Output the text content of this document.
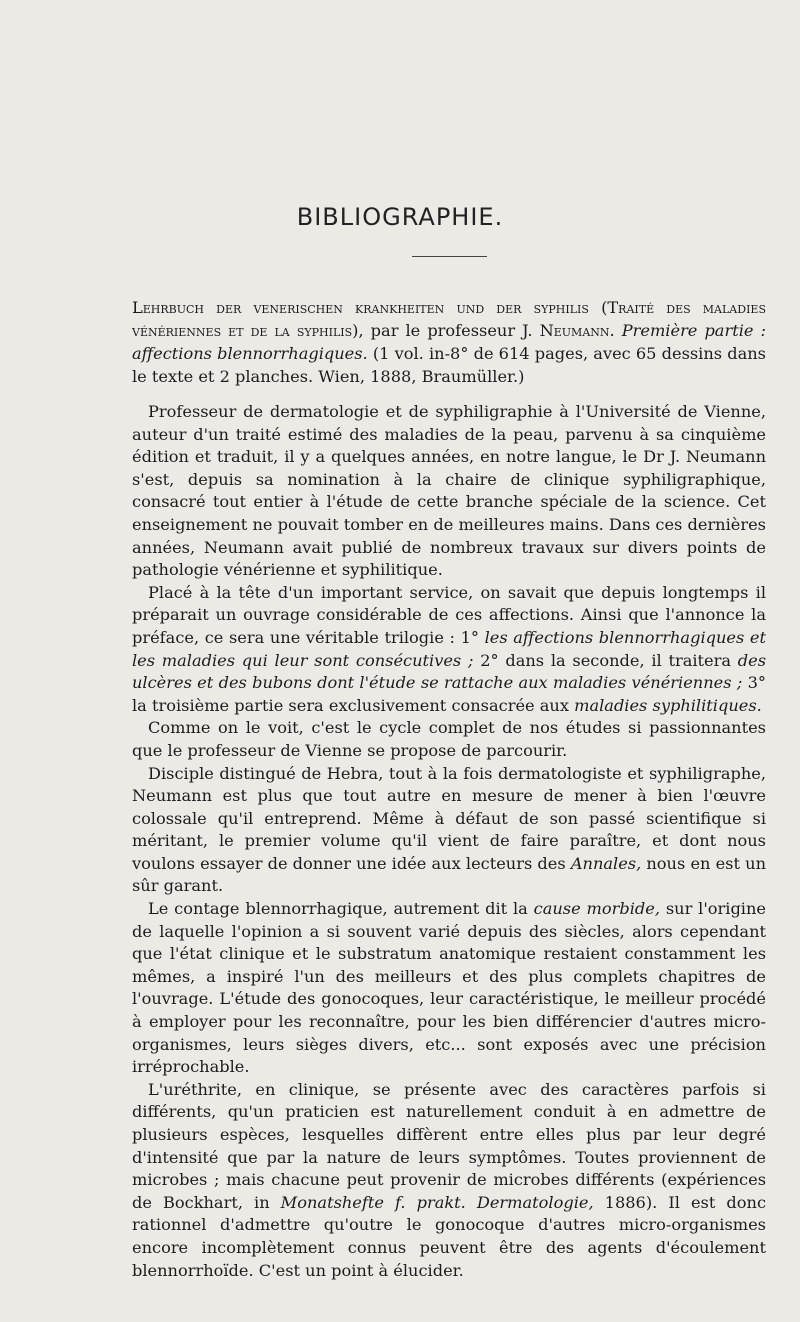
BIBLIOGRAPHIE.
Lehrbuch der venerischen krankheiten und der syphilis (Traité des maladies vénériennes et de la syphilis), par le professeur J. Neumann. Première partie : affections blennorrhagiques. (1 vol. in-8° de 614 pages, avec 65 dessins dans le texte et 2 planches. Wien, 1888, Braumüller.)

Professeur de dermatologie et de syphiligraphie à l'Université de Vienne, auteur d'un traité estimé des maladies de la peau, parvenu à sa cinquième édition et traduit, il y a quelques années, en notre langue, le Dr J. Neumann s'est, depuis sa nomination à la chaire de clinique syphiligraphique, consacré tout entier à l'étude de cette branche spéciale de la science. Cet enseignement ne pouvait tomber en de meilleures mains. Dans ces dernières années, Neumann avait publié de nombreux travaux sur divers points de pathologie vénérienne et syphilitique.

Placé à la tête d'un important service, on savait que depuis longtemps il préparait un ouvrage considérable de ces affections. Ainsi que l'annonce la préface, ce sera une véritable trilogie : 1° les affections blennorrhagiques et les maladies qui leur sont consécutives ; 2° dans la seconde, il traitera des ulcères et des bubons dont l'étude se rattache aux maladies vénériennes ; 3° la troisième partie sera exclusivement consacrée aux maladies syphilitiques.

Comme on le voit, c'est le cycle complet de nos études si passionnantes que le professeur de Vienne se propose de parcourir.

Disciple distingué de Hebra, tout à la fois dermatologiste et syphiligraphe, Neumann est plus que tout autre en mesure de mener à bien l'œuvre colossale qu'il entreprend. Même à défaut de son passé scientifique si méritant, le premier volume qu'il vient de faire paraître, et dont nous voulons essayer de donner une idée aux lecteurs des Annales, nous en est un sûr garant.

Le contage blennorrhagique, autrement dit la cause morbide, sur l'origine de laquelle l'opinion a si souvent varié depuis des siècles, alors cependant que l'état clinique et le substratum anatomique restaient constamment les mêmes, a inspiré l'un des meilleurs et des plus complets chapitres de l'ouvrage. L'étude des gonocoques, leur caractéristique, le meilleur procédé à employer pour les reconnaître, pour les bien différencier d'autres micro-organismes, leurs sièges divers, etc... sont exposés avec une précision irréprochable.

L'uréthrite, en clinique, se présente avec des caractères parfois si différents, qu'un praticien est naturellement conduit à en admettre de plusieurs espèces, lesquelles diffèrent entre elles plus par leur degré d'intensité que par la nature de leurs symptômes. Toutes proviennent de microbes ; mais chacune peut provenir de microbes différents (expériences de Bockhart, in Monatshefte f. prakt. Dermatologie, 1886). Il est donc rationnel d'admettre qu'outre le gonocoque d'autres micro-organismes encore incomplètement connus peuvent être des agents d'écoulement blennorrhoïde. C'est un point à élucider.
